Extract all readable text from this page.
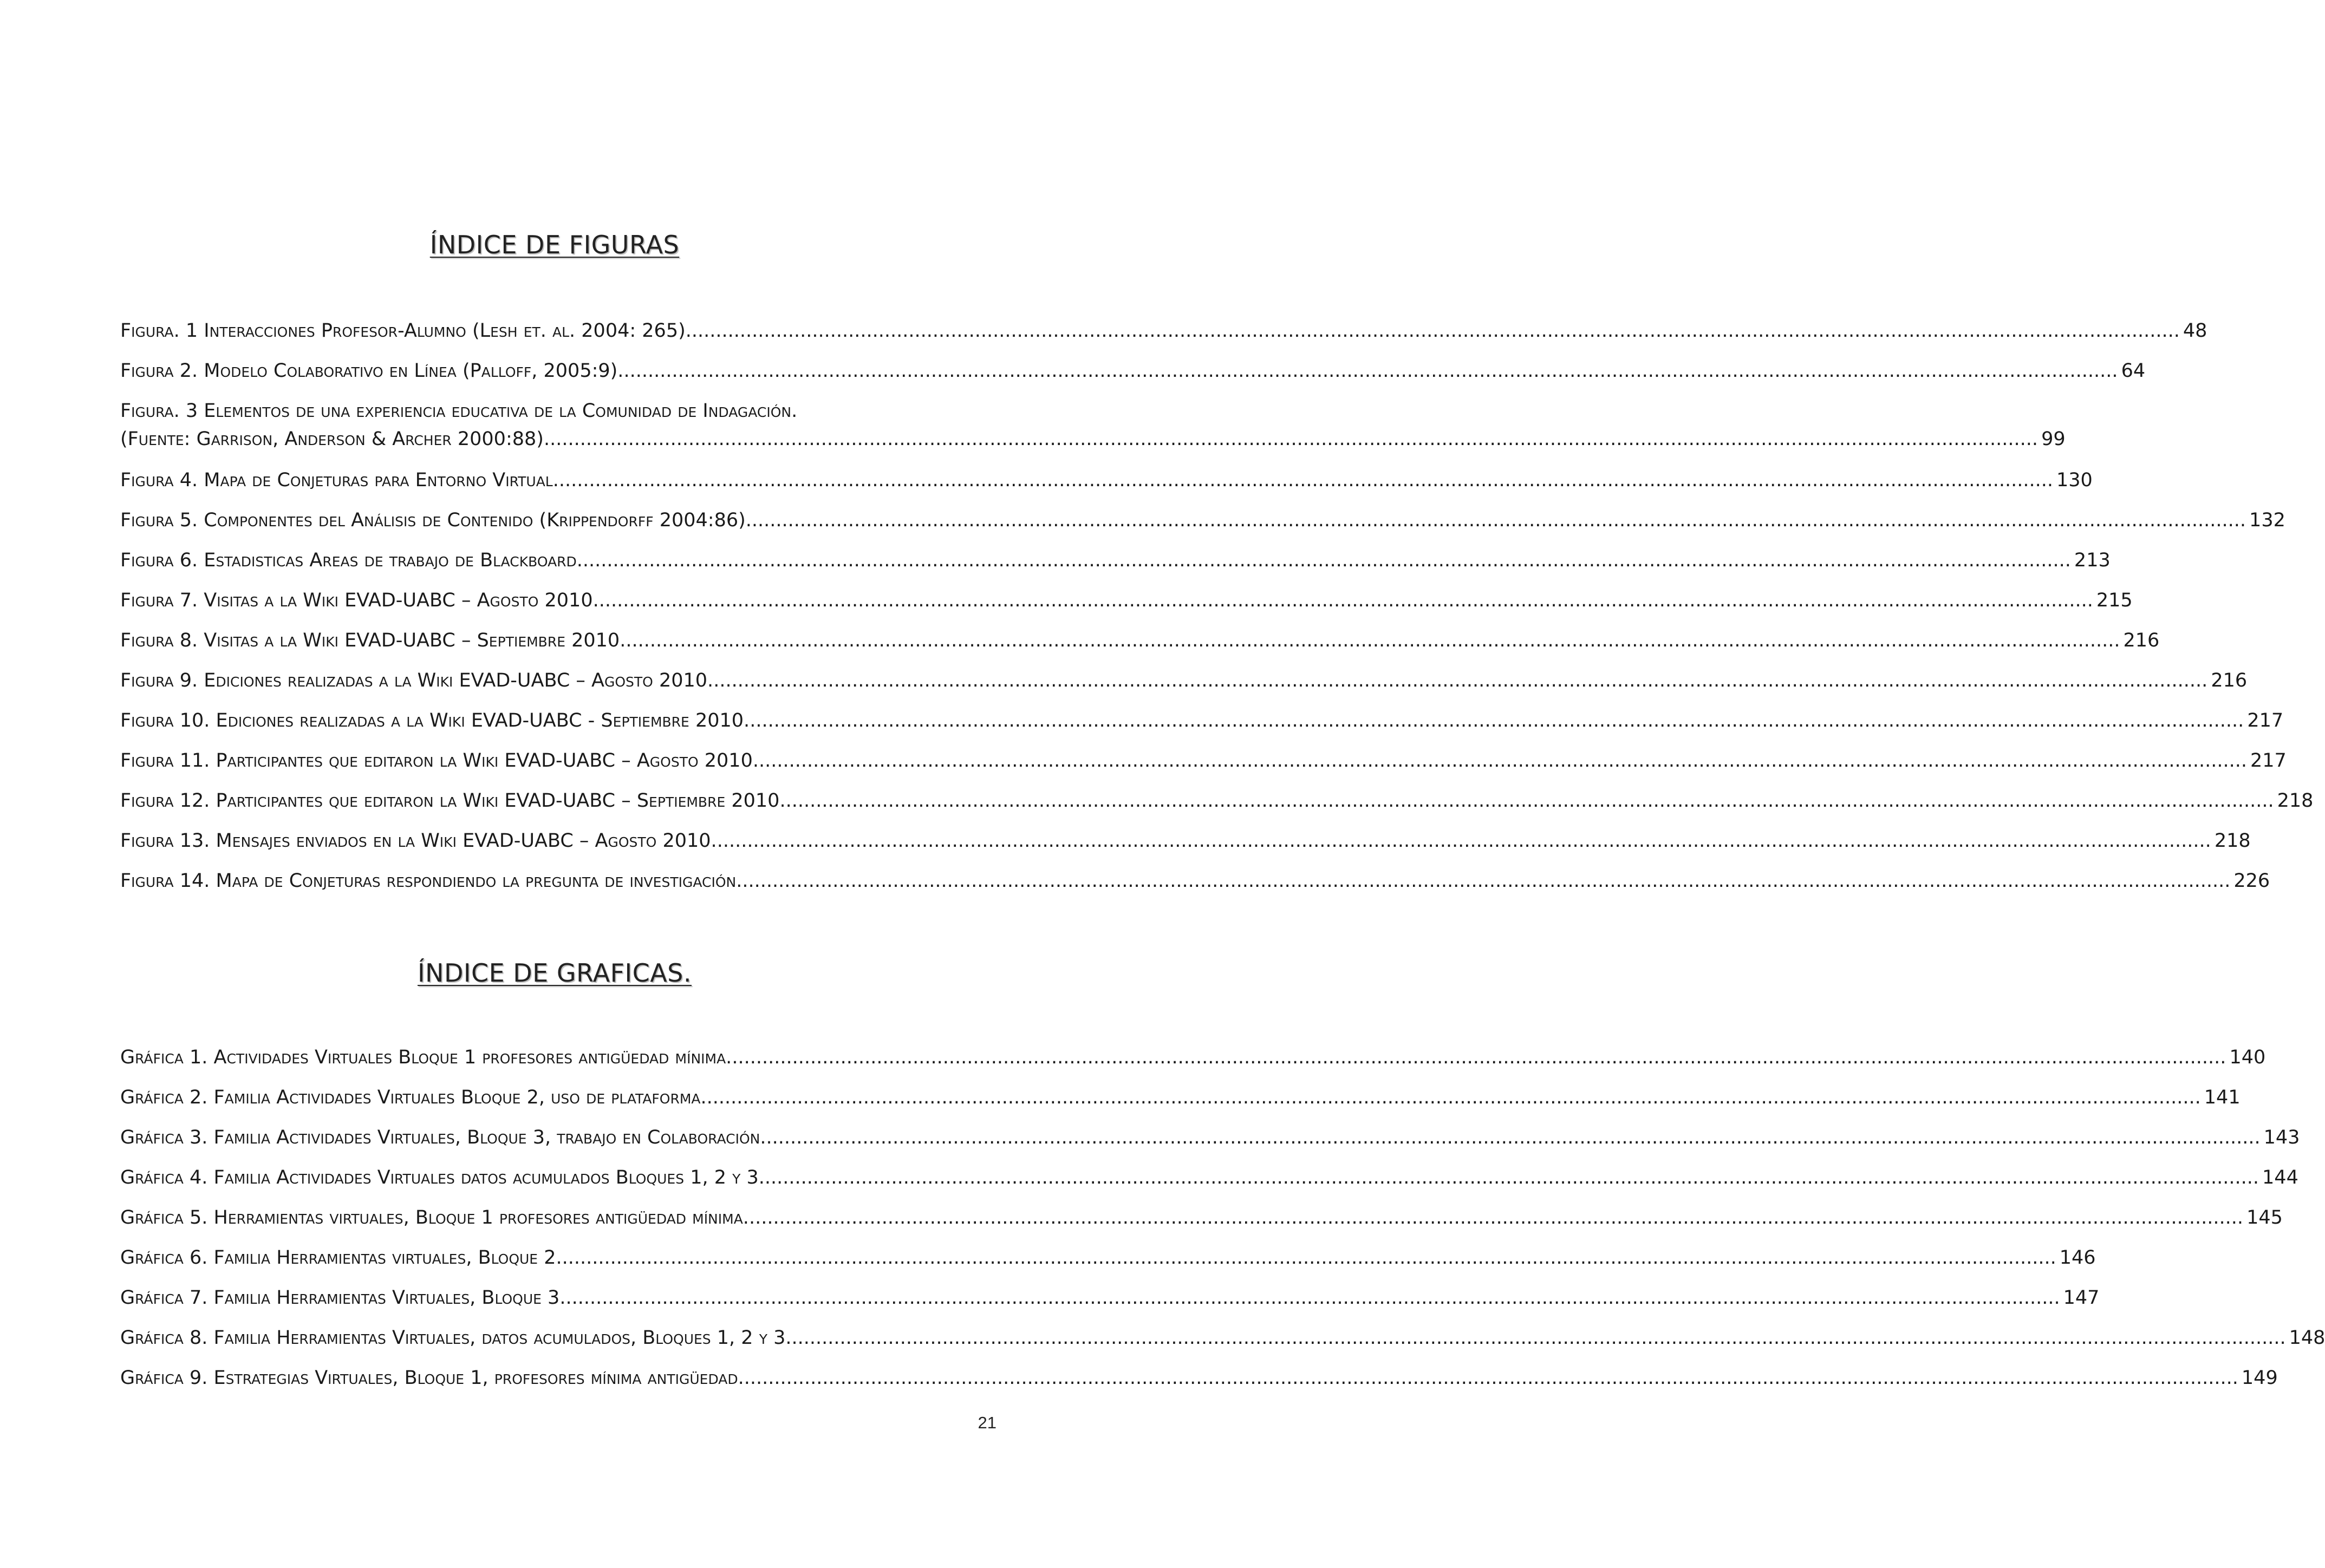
ÍNDICE DE FIGURAS
Figura. 1 Interacciones Profesor-Alumno (Lesh et. al. 2004: 265) .....	48
Figura 2. Modelo Colaborativo en Línea (Palloff, 2005:9). .....	64
Figura. 3 Elementos de una experiencia educativa de la Comunidad de Indagación.
(Fuente: Garrison, Anderson & Archer 2000:88) .....	99
Figura 4. Mapa de Conjeturas para Entorno Virtual. .....	130
Figura 5. Componentes del Análisis de Contenido (Krippendorff 2004:86). .....	132
Figura 6. Estadisticas Areas de trabajo de Blackboard .....	213
Figura 7. Visitas a la Wiki EVAD-UABC – Agosto 2010. .....	215
Figura 8. Visitas a la Wiki EVAD-UABC – Septiembre 2010. .....	216
Figura 9. Ediciones realizadas a la Wiki EVAD-UABC – Agosto 2010. .....	216
Figura 10. Ediciones realizadas a la Wiki EVAD-UABC - Septiembre 2010. .....	217
Figura 11. Participantes que editaron la Wiki EVAD-UABC – Agosto 2010 .....	217
Figura 12. Participantes que editaron la Wiki EVAD-UABC – Septiembre 2010 .....	218
Figura 13. Mensajes enviados en la Wiki EVAD-UABC – Agosto 2010. .....	218
Figura 14. Mapa de Conjeturas respondiendo la pregunta de investigación .....	226
ÍNDICE DE GRAFICAS.
Gráfica 1. Actividades Virtuales Bloque 1 profesores antigüedad mínima. .....	140
Gráfica 2. Familia Actividades Virtuales Bloque 2, uso de plataforma. .....	141
Gráfica 3. Familia Actividades Virtuales, Bloque 3, trabajo en Colaboración. .....	143
Gráfica 4. Familia Actividades Virtuales datos acumulados Bloques 1, 2 y 3. .....	144
Gráfica 5. Herramientas virtuales, Bloque 1 profesores antigüedad mínima. .....	145
Gráfica 6. Familia Herramientas virtuales, Bloque 2. .....	146
Gráfica 7. Familia Herramientas Virtuales, Bloque 3. .....	147
Gráfica 8. Familia Herramientas Virtuales, datos acumulados, Bloques 1, 2 y 3. .....	148
Gráfica 9. Estrategias Virtuales, Bloque 1, profesores mínima antigüedad. .....	149
21
